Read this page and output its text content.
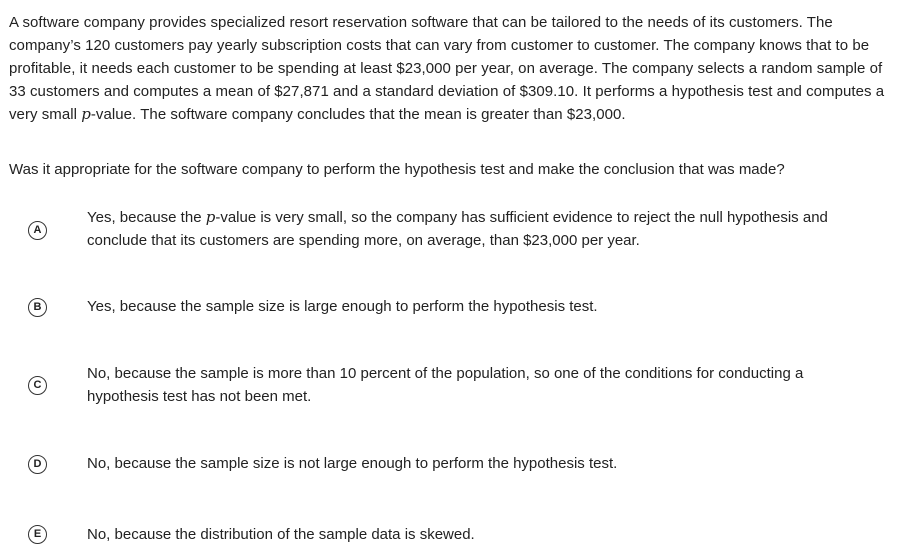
A software company provides specialized resort reservation software that can be tailored to the needs of its customers. The company’s 120 customers pay yearly subscription costs that can vary from customer to customer. The company knows that to be profitable, it needs each customer to be spending at least $23,000 per year, on average. The company selects a random sample of 33 customers and computes a mean of $27,871 and a standard deviation of $309.10. It performs a hypothesis test and computes a very small p-value. The software company concludes that the mean is greater than $23,000.
Was it appropriate for the software company to perform the hypothesis test and make the conclusion that was made?
A
Yes, because the p-value is very small, so the company has sufficient evidence to reject the null hypothesis and conclude that its customers are spending more, on average, than $23,000 per year.
B	Yes, because the sample size is large enough to perform the hypothesis test.
C
No, because the sample is more than 10 percent of the population, so one of the conditions for conducting a hypothesis test has not been met.
D	No, because the sample size is not large enough to perform the hypothesis test.
E	No, because the distribution of the sample data is skewed.
